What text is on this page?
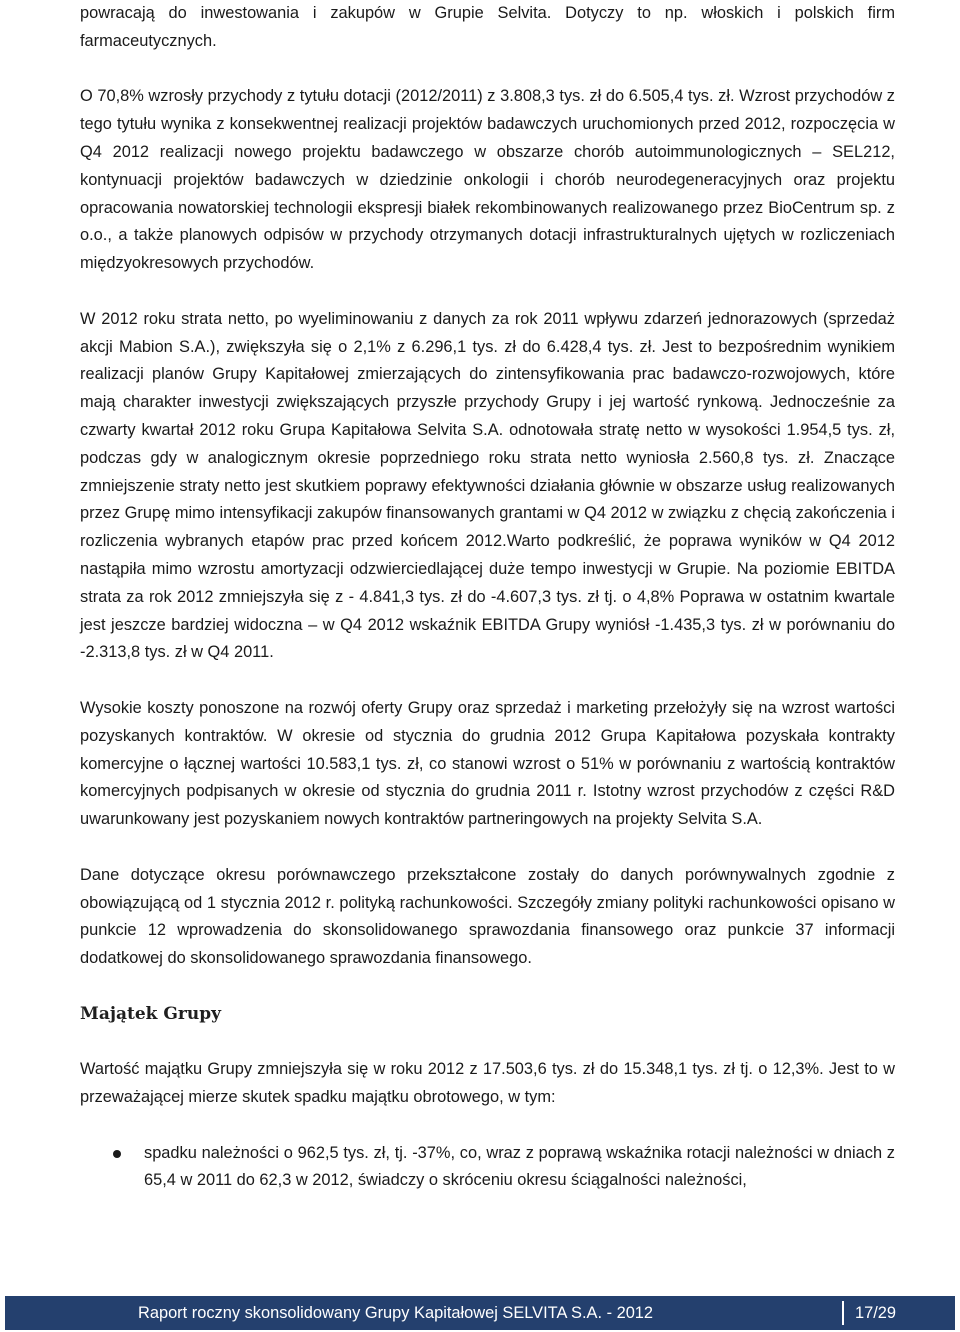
powracają do inwestowania i zakupów w Grupie Selvita. Dotyczy to np. włoskich i polskich firm farmaceutycznych.

O 70,8% wzrosły przychody z tytułu dotacji (2012/2011) z 3.808,3 tys. zł do 6.505,4 tys. zł. Wzrost przychodów z tego tytułu wynika z konsekwentnej realizacji projektów badawczych uruchomionych przed 2012, rozpoczęcia w Q4 2012 realizacji nowego projektu badawczego w obszarze chorób autoimmunologicznych – SEL212, kontynuacji projektów badawczych w dziedzinie onkologii i chorób neurodegeneracyjnych oraz projektu opracowania nowatorskiej technologii ekspresji białek rekombinowanych realizowanego przez BioCentrum sp. z o.o., a także planowych odpisów w przychody otrzymanych dotacji infrastrukturalnych ujętych w rozliczeniach międzyokresowych przychodów.

W 2012 roku strata netto, po wyeliminowaniu z danych za rok 2011 wpływu zdarzeń jednorazowych (sprzedaż akcji Mabion S.A.), zwiększyła się o 2,1% z 6.296,1 tys. zł do 6.428,4 tys. zł. Jest to bezpośrednim wynikiem realizacji planów Grupy Kapitałowej zmierzających do zintensyfikowania prac badawczo-rozwojowych, które mają charakter inwestycji zwiększających przyszłe przychody Grupy i jej wartość rynkową. Jednocześnie za czwarty kwartał 2012 roku Grupa Kapitałowa Selvita S.A. odnotowała stratę netto w wysokości 1.954,5 tys. zł, podczas gdy w analogicznym okresie poprzedniego roku strata netto wyniosła 2.560,8 tys. zł. Znaczące zmniejszenie straty netto jest skutkiem poprawy efektywności działania głównie w obszarze usług realizowanych przez Grupę mimo intensyfikacji zakupów finansowanych grantami w Q4 2012 w związku z chęcią zakończenia i rozliczenia wybranych etapów prac przed końcem 2012.Warto podkreślić, że poprawa wyników w Q4 2012 nastąpiła mimo wzrostu amortyzacji odzwierciedlającej duże tempo inwestycji w Grupie. Na poziomie EBITDA strata za rok 2012 zmniejszyła się z - 4.841,3 tys. zł do -4.607,3 tys. zł tj. o 4,8% Poprawa w ostatnim kwartale jest jeszcze bardziej widoczna – w Q4 2012 wskaźnik EBITDA Grupy wyniósł -1.435,3 tys. zł w porównaniu do -2.313,8 tys. zł w Q4 2011.

Wysokie koszty ponoszone na rozwój oferty Grupy oraz sprzedaż i marketing przełożyły się na wzrost wartości pozyskanych kontraktów. W okresie od stycznia do grudnia 2012 Grupa Kapitałowa pozyskała kontrakty komercyjne o łącznej wartości 10.583,1 tys. zł, co stanowi wzrost o 51% w porównaniu z wartością kontraktów komercyjnych podpisanych w okresie od stycznia do grudnia 2011 r. Istotny wzrost przychodów z części R&D uwarunkowany jest pozyskaniem nowych kontraktów partneringowych na projekty Selvita S.A.

Dane dotyczące okresu porównawczego przekształcone zostały do danych porównywalnych zgodnie z obowiązującą od 1 stycznia 2012 r. polityką rachunkowości. Szczegóły zmiany polityki rachunkowości opisano w punkcie 12 wprowadzenia do skonsolidowanego sprawozdania finansowego oraz punkcie 37 informacji dodatkowej do skonsolidowanego sprawozdania finansowego.

Majątek Grupy

Wartość majątku Grupy zmniejszyła się w roku 2012 z 17.503,6 tys. zł do 15.348,1 tys. zł tj. o 12,3%. Jest to w przeważającej mierze skutek spadku majątku obrotowego, w tym:

spadku należności o 962,5 tys. zł, tj. -37%, co, wraz z poprawą wskaźnika rotacji należności w dniach z 65,4 w 2011 do 62,3 w 2012, świadczy o skróceniu okresu ściągalności należności,
Raport roczny skonsolidowany Grupy Kapitałowej SELVITA S.A. - 2012	17/29
